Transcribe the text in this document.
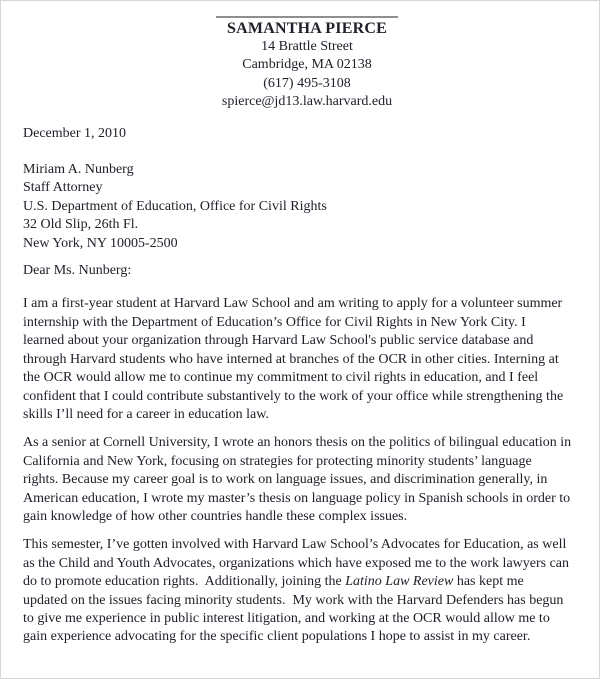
SAMANTHA PIERCE
14 Brattle Street
Cambridge, MA 02138
(617) 495-3108
spierce@jd13.law.harvard.edu
December 1, 2010
Miriam A. Nunberg
Staff Attorney
U.S. Department of Education, Office for Civil Rights
32 Old Slip, 26th Fl.
New York, NY 10005-2500
Dear Ms. Nunberg:
I am a first-year student at Harvard Law School and am writing to apply for a volunteer summer
internship with the Department of Education’s Office for Civil Rights in New York City. I
learned about your organization through Harvard Law School's public service database and
through Harvard students who have interned at branches of the OCR in other cities. Interning at
the OCR would allow me to continue my commitment to civil rights in education, and I feel
confident that I could contribute substantively to the work of your office while strengthening the
skills I’ll need for a career in education law.
As a senior at Cornell University, I wrote an honors thesis on the politics of bilingual education in
California and New York, focusing on strategies for protecting minority students’ language
rights. Because my career goal is to work on language issues, and discrimination generally, in
American education, I wrote my master’s thesis on language policy in Spanish schools in order to
gain knowledge of how other countries handle these complex issues.
This semester, I’ve gotten involved with Harvard Law School’s Advocates for Education, as well
as the Child and Youth Advocates, organizations which have exposed me to the work lawyers can
do to promote education rights.  Additionally, joining the Latino Law Review has kept me
updated on the issues facing minority students.  My work with the Harvard Defenders has begun
to give me experience in public interest litigation, and working at the OCR would allow me to
gain experience advocating for the specific client populations I hope to assist in my career.
